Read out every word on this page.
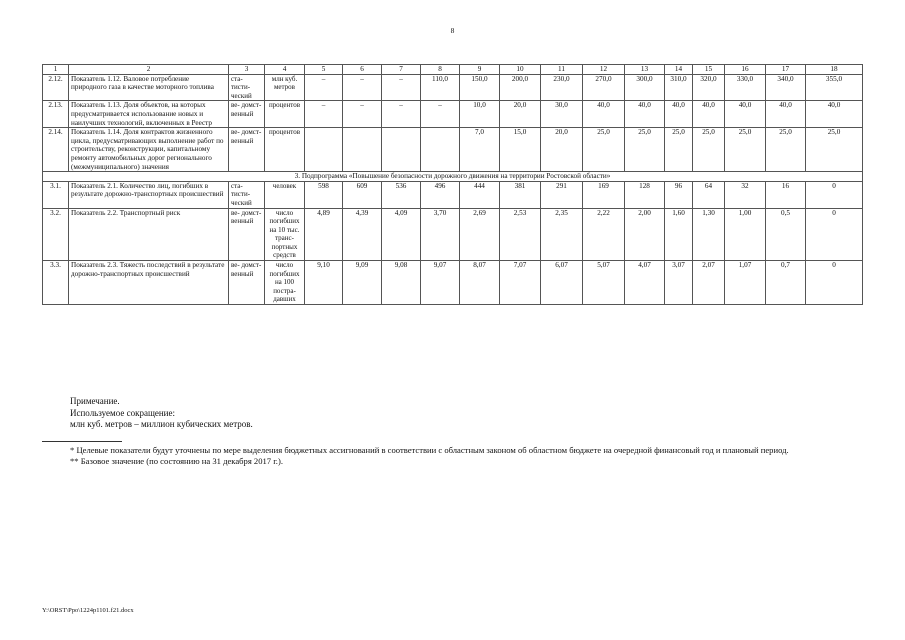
8
1	2	3	4	5	6	7	8	9	10	11	12	13	14	15	16	17	18
2.12.	Показатель 1.12. Валовое потребление природного газа в качестве моторного топлива	ста- тисти- ческий	млн куб. метров	–	–	–	110,0	150,0	200,0	230,0	270,0	300,0	310,0	320,0	330,0	340,0	355,0
2.13.	Показатель 1.13. Доля объектов, на которых предусматривается использование новых и наилучших технологий, включенных в Реестр	ве- домст- венный	процентов	–	–	–	–	10,0	20,0	30,0	40,0	40,0	40,0	40,0	40,0	40,0	40,0
2.14.	Показатель 1.14. Доля контрактов жизненного цикла, предусматривающих выполнение работ по строительству, реконструкции, капитальному ремонту автомобильных дорог регионального (межмуниципального) значения	ве- домст- венный	процентов					7,0	15,0	20,0	25,0	25,0	25,0	25,0	25,0	25,0	25,0
3. Подпрограмма «Повышение безопасности дорожного движения на территории Ростовской области»																	
3.1.	Показатель 2.1. Количество лиц, погибших в результате дорожно-транспортных происшествий	ста- тисти- ческий	человек	598	609	536	496	444	381	291	169	128	96	64	32	16	0
3.2.	Показатель 2.2. Транспортный риск	ве- домст- венный	число погибших на 10 тыс. транс- портных средств	4,89	4,39	4,09	3,70	2,69	2,53	2,35	2,22	2,00	1,60	1,30	1,00	0,5	0
3.3.	Показатель 2.3. Тяжесть последствий в результате дорожно-транспортных происшествий	ве- домст- венный	число погибших на 100 постра- давших	9,10	9,09	9,08	9,07	8,07	7,07	6,07	5,07	4,07	3,07	2,07	1,07	0,7	0
Примечание.
Используемое сокращение:
млн куб. метров – миллион кубических метров.

* Целевые показатели будут уточнены по мере выделения бюджетных ассигнований в соответствии с областным законом об областном бюджете на очередной финансовый год и плановый период.

** Базовое значение (по состоянию на 31 декабря 2017 г.).

Y:\ORST\Ppo\1224p1101.f21.docx
